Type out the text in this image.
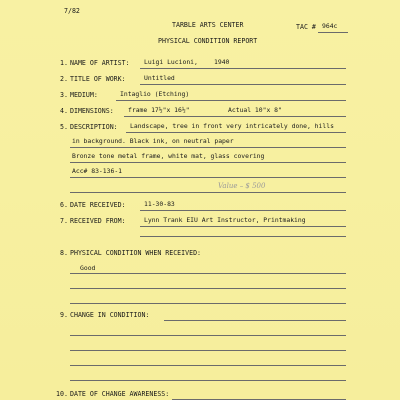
7/82
TARBLE ARTS CENTER	TAC # 964c
PHYSICAL CONDITION REPORT
1. NAME OF ARTIST: Luigi Lucioni,	1940
2. TITLE OF WORK:	Untitled
3. MEDIUM:	Intaglio (Etching)
4. DIMENSIONS: frame 17½"x 16½"	Actual 10"x 8"
5. DESCRIPTION: Landscape, tree in front very intricately done, hills
in background. Black ink, on neutral paper
Bronze tone metal frame, white mat, glass covering
Acc# 83-136-1
Value – $ 500
6. DATE RECEIVED:	11-30-83
7. RECEIVED FROM:	Lynn Trank EIU Art Instructor, Printmaking
8. PHYSICAL CONDITION WHEN RECEIVED:
Good
9. CHANGE IN CONDITION:
10. DATE OF CHANGE AWARENESS:
